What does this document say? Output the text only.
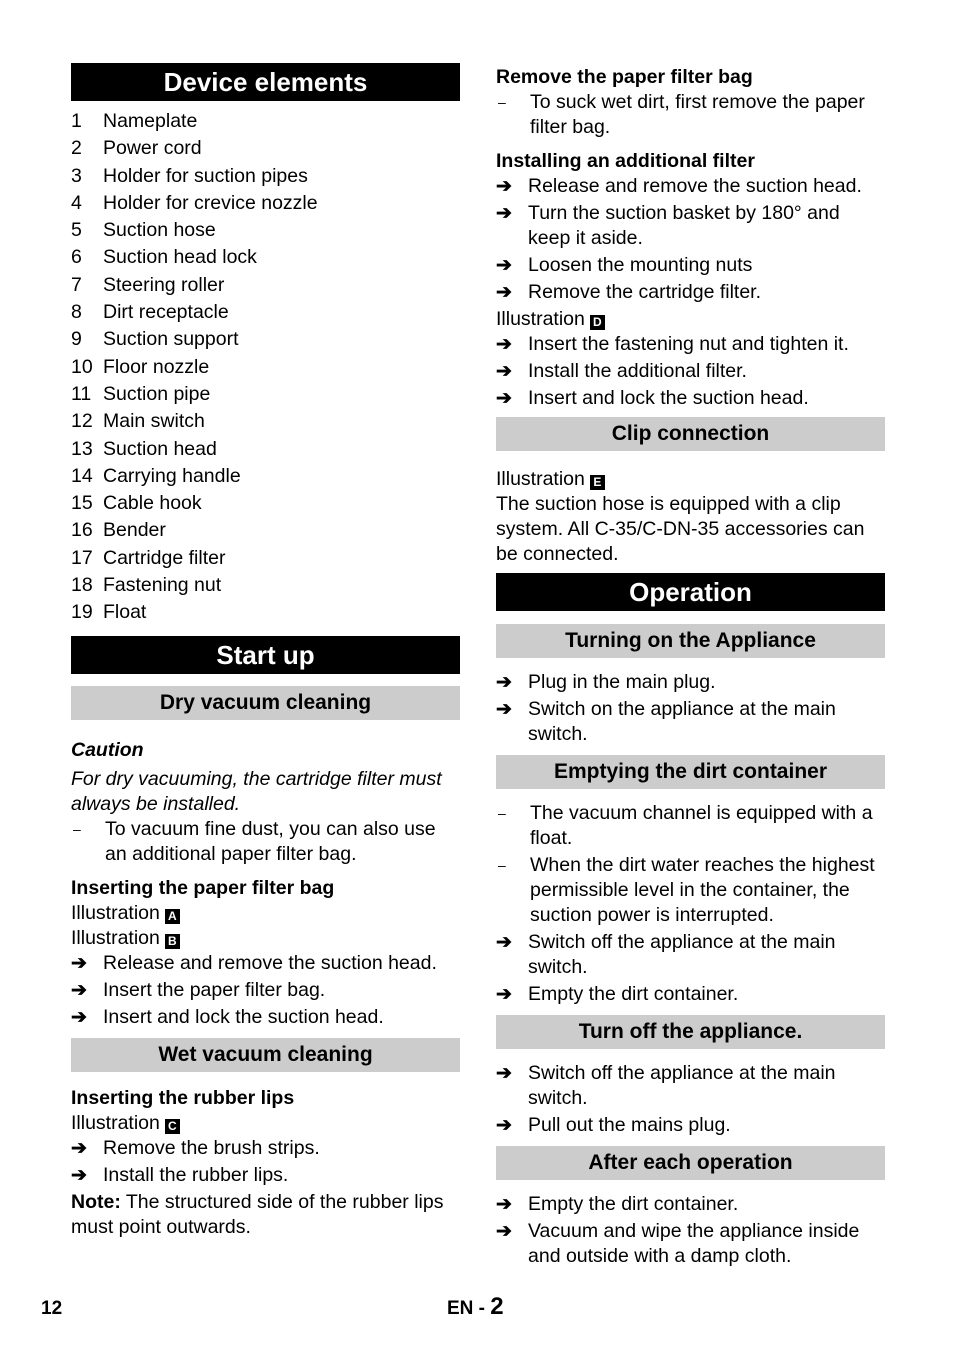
Device elements
1	Nameplate
2	Power cord
3	Holder for suction pipes
4	Holder for crevice nozzle
5	Suction hose
6	Suction head lock
7	Steering roller
8	Dirt receptacle
9	Suction support
10 Floor nozzle
11 Suction pipe
12 Main switch
13 Suction head
14 Carrying handle
15 Cable hook
16 Bender
17 Cartridge filter
18 Fastening nut
19 Float
Start up
Dry vacuum cleaning

Caution

For dry vacuuming, the cartridge filter must always be installed.

–	To vacuum fine dust, you can also use an additional paper filter bag.

Inserting the paper filter bag

Illustration A

Illustration B

➔ Release and remove the suction head.
➔ Insert the paper filter bag.
➔ Insert and lock the suction head.
Wet vacuum cleaning

Inserting the rubber lips

Illustration C

➔ Remove the brush strips.
➔ Install the rubber lips.

Note: The structured side of the rubber lips must point outwards.

Remove the paper filter bag

–	To suck wet dirt, first remove the paper filter bag.

Installing an additional filter

➔ Release and remove the suction head.
➔ Turn the suction basket by 180° and keep it aside.
➔ Loosen the mounting nuts
➔ Remove the cartridge filter.

Illustration D

➔ Insert the fastening nut and tighten it.
➔ Install the additional filter.
➔ Insert and lock the suction head.
Clip connection

Illustration E

The suction hose is equipped with a clip system. All C-35/C-DN-35 accessories can be connected.

Operation
Turning on the Appliance
➔ Plug in the main plug.
➔ Switch on the appliance at the main switch.
Emptying the dirt container
–	The vacuum channel is equipped with a float.
–	When the dirt water reaches the highest permissible level in the container, the suction power is interrupted.
➔ Switch off the appliance at the main switch.
➔ Empty the dirt container.
Turn off the appliance.
➔ Switch off the appliance at the main switch.
➔ Pull out the mains plug.
After each operation
➔ Empty the dirt container.
➔ Vacuum and wipe the appliance inside and outside with a damp cloth.
12	EN - 2
